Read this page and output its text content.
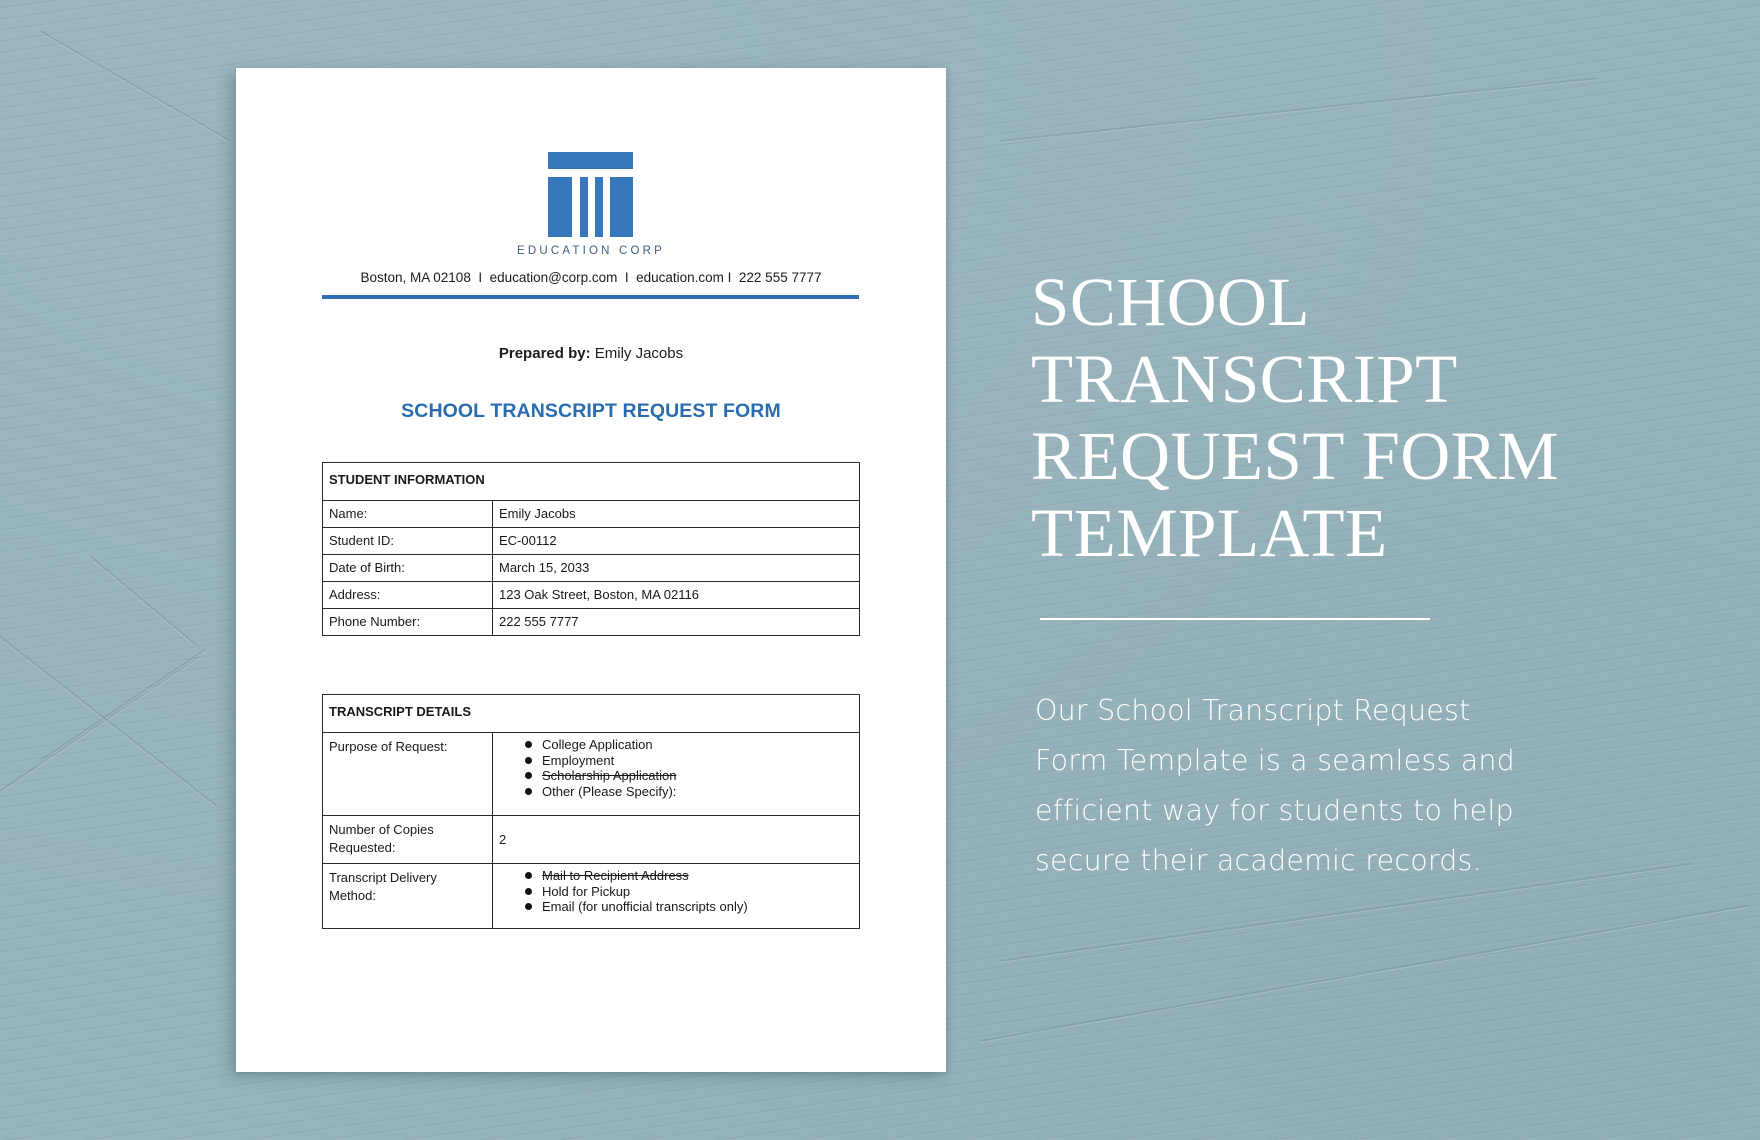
EDUCATION CORP
Boston, MA 02108  I  education@corp.com  I  education.com I  222 555 7777
Prepared by: Emily Jacobs
SCHOOL TRANSCRIPT REQUEST FORM
STUDENT INFORMATION	
Name:	Emily Jacobs
Student ID:	EC-00112
Date of Birth:	March 15, 2033
Address:	123 Oak Street, Boston, MA 02116
Phone Number:	222 555 7777
TRANSCRIPT DETAILS	
Purpose of Request:	College Application
Employment
Scholarship Application
Other (Please Specify):

Number of Copies Requested:	2
Transcript Delivery Method:	
Mail to Recipient Address
Hold for Pickup
Email (for unofficial transcripts only)
SCHOOL
TRANSCRIPT
REQUEST FORM
TEMPLATE
Our School Transcript Request
Form Template is a seamless and
efficient way for students to help
secure their academic records.
